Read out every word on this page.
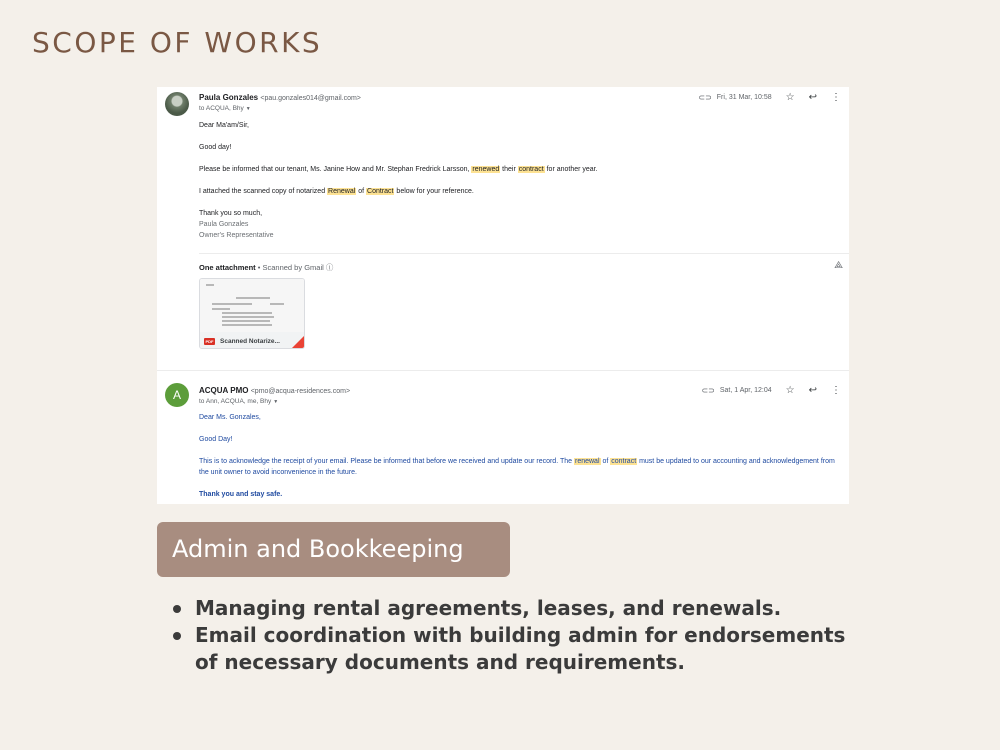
SCOPE OF WORKS
Paula Gonzales <pau.gonzales014@gmail.com>
to ACQUA, Bhy ▼
⊂⊃ Fri, 31 Mar, 10:58 ☆ ↩ ⋮

Dear Ma'am/Sir,

Good day!

Please be informed that our tenant, Ms. Janine How and Mr. Stephan Fredrick Larsson, renewed their contract for another year.

I attached the scanned copy of notarized Renewal of Contract below for your reference.

Thank you so much,
Paula Gonzales
Owner's Representative
One attachment • Scanned by Gmail ⓘ	⟁
PDF Scanned Notarize...
A	ACQUA PMO <pmo@acqua-residences.com>
to Ann, ACQUA, me, Bhy ▼
⊂⊃ Sat, 1 Apr, 12:04 ☆ ↩ ⋮

Dear Ms. Gonzales,

Good Day!

This is to acknowledge the receipt of your email. Please be informed that before we received and update our record. The renewal of contract must be updated to our accounting and acknowledgement from the unit owner to avoid inconvenience in the future.

Thank you and stay safe.

Admin and Bookkeeping
Managing rental agreements, leases, and renewals.
Email coordination with building admin for endorsements of necessary documents and requirements.
